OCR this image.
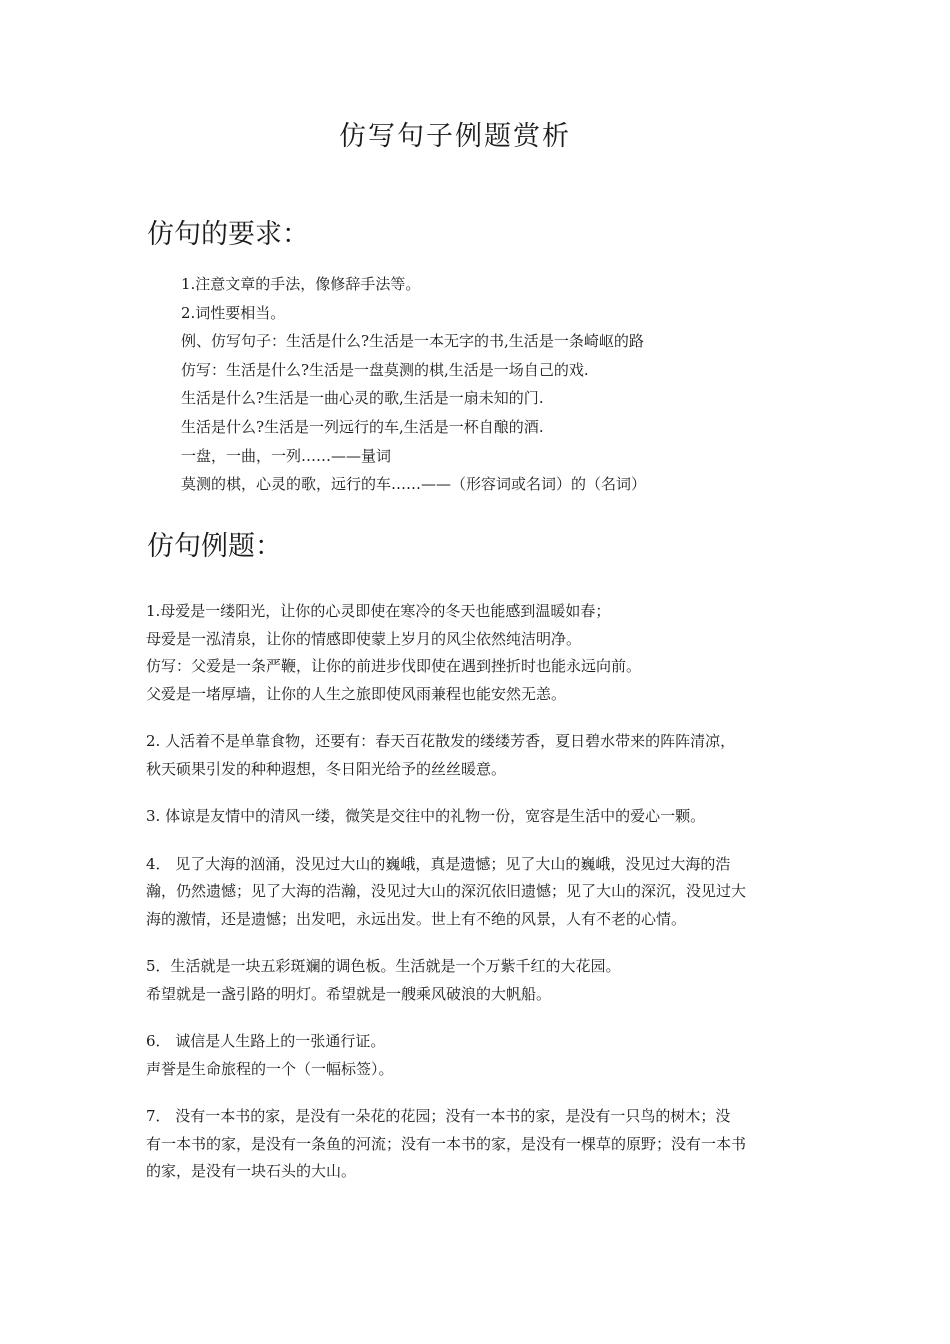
仿写句子例题赏析
仿句的要求：
1.注意文章的手法，像修辞手法等。
2.词性要相当。
例、仿写句子：生活是什么?生活是一本无字的书,生活是一条崎岖的路
仿写：生活是什么?生活是一盘莫测的棋,生活是一场自己的戏.
生活是什么?生活是一曲心灵的歌,生活是一扇未知的门.
生活是什么?生活是一列远行的车,生活是一杯自酿的酒.
一盘，一曲，一列……——量词
莫测的棋，心灵的歌，远行的车……——（形容词或名词）的（名词）
仿句例题：
1.母爱是一缕阳光，让你的心灵即使在寒冷的冬天也能感到温暖如春；
母爱是一泓清泉，让你的情感即使蒙上岁月的风尘依然纯洁明净。
仿写：父爱是一条严鞭，让你的前进步伐即使在遇到挫折时也能永远向前。
父爱是一堵厚墙，让你的人生之旅即使风雨兼程也能安然无恙。
2. 人活着不是单靠食物，还要有：春天百花散发的缕缕芳香，夏日碧水带来的阵阵清凉，
秋天硕果引发的种种遐想，冬日阳光给予的丝丝暖意。
3. 体谅是友情中的清风一缕，微笑是交往中的礼物一份，宽容是生活中的爱心一颗。
4． 见了大海的汹涌，没见过大山的巍峨，真是遗憾；见了大山的巍峨，没见过大海的浩
瀚，仍然遗憾；见了大海的浩瀚，没见过大山的深沉依旧遗憾；见了大山的深沉，没见过大
海的激情，还是遗憾；出发吧，永远出发。世上有不绝的风景，人有不老的心情。
5．生活就是一块五彩斑斓的调色板。生活就是一个万紫千红的大花园。
希望就是一盏引路的明灯。希望就是一艘乘风破浪的大帆船。
6． 诚信是人生路上的一张通行证。
声誉是生命旅程的一个（一幅标签）。
7． 没有一本书的家，是没有一朵花的花园；没有一本书的家，是没有一只鸟的树木；没
有一本书的家，是没有一条鱼的河流；没有一本书的家，是没有一棵草的原野；没有一本书
的家，是没有一块石头的大山。
